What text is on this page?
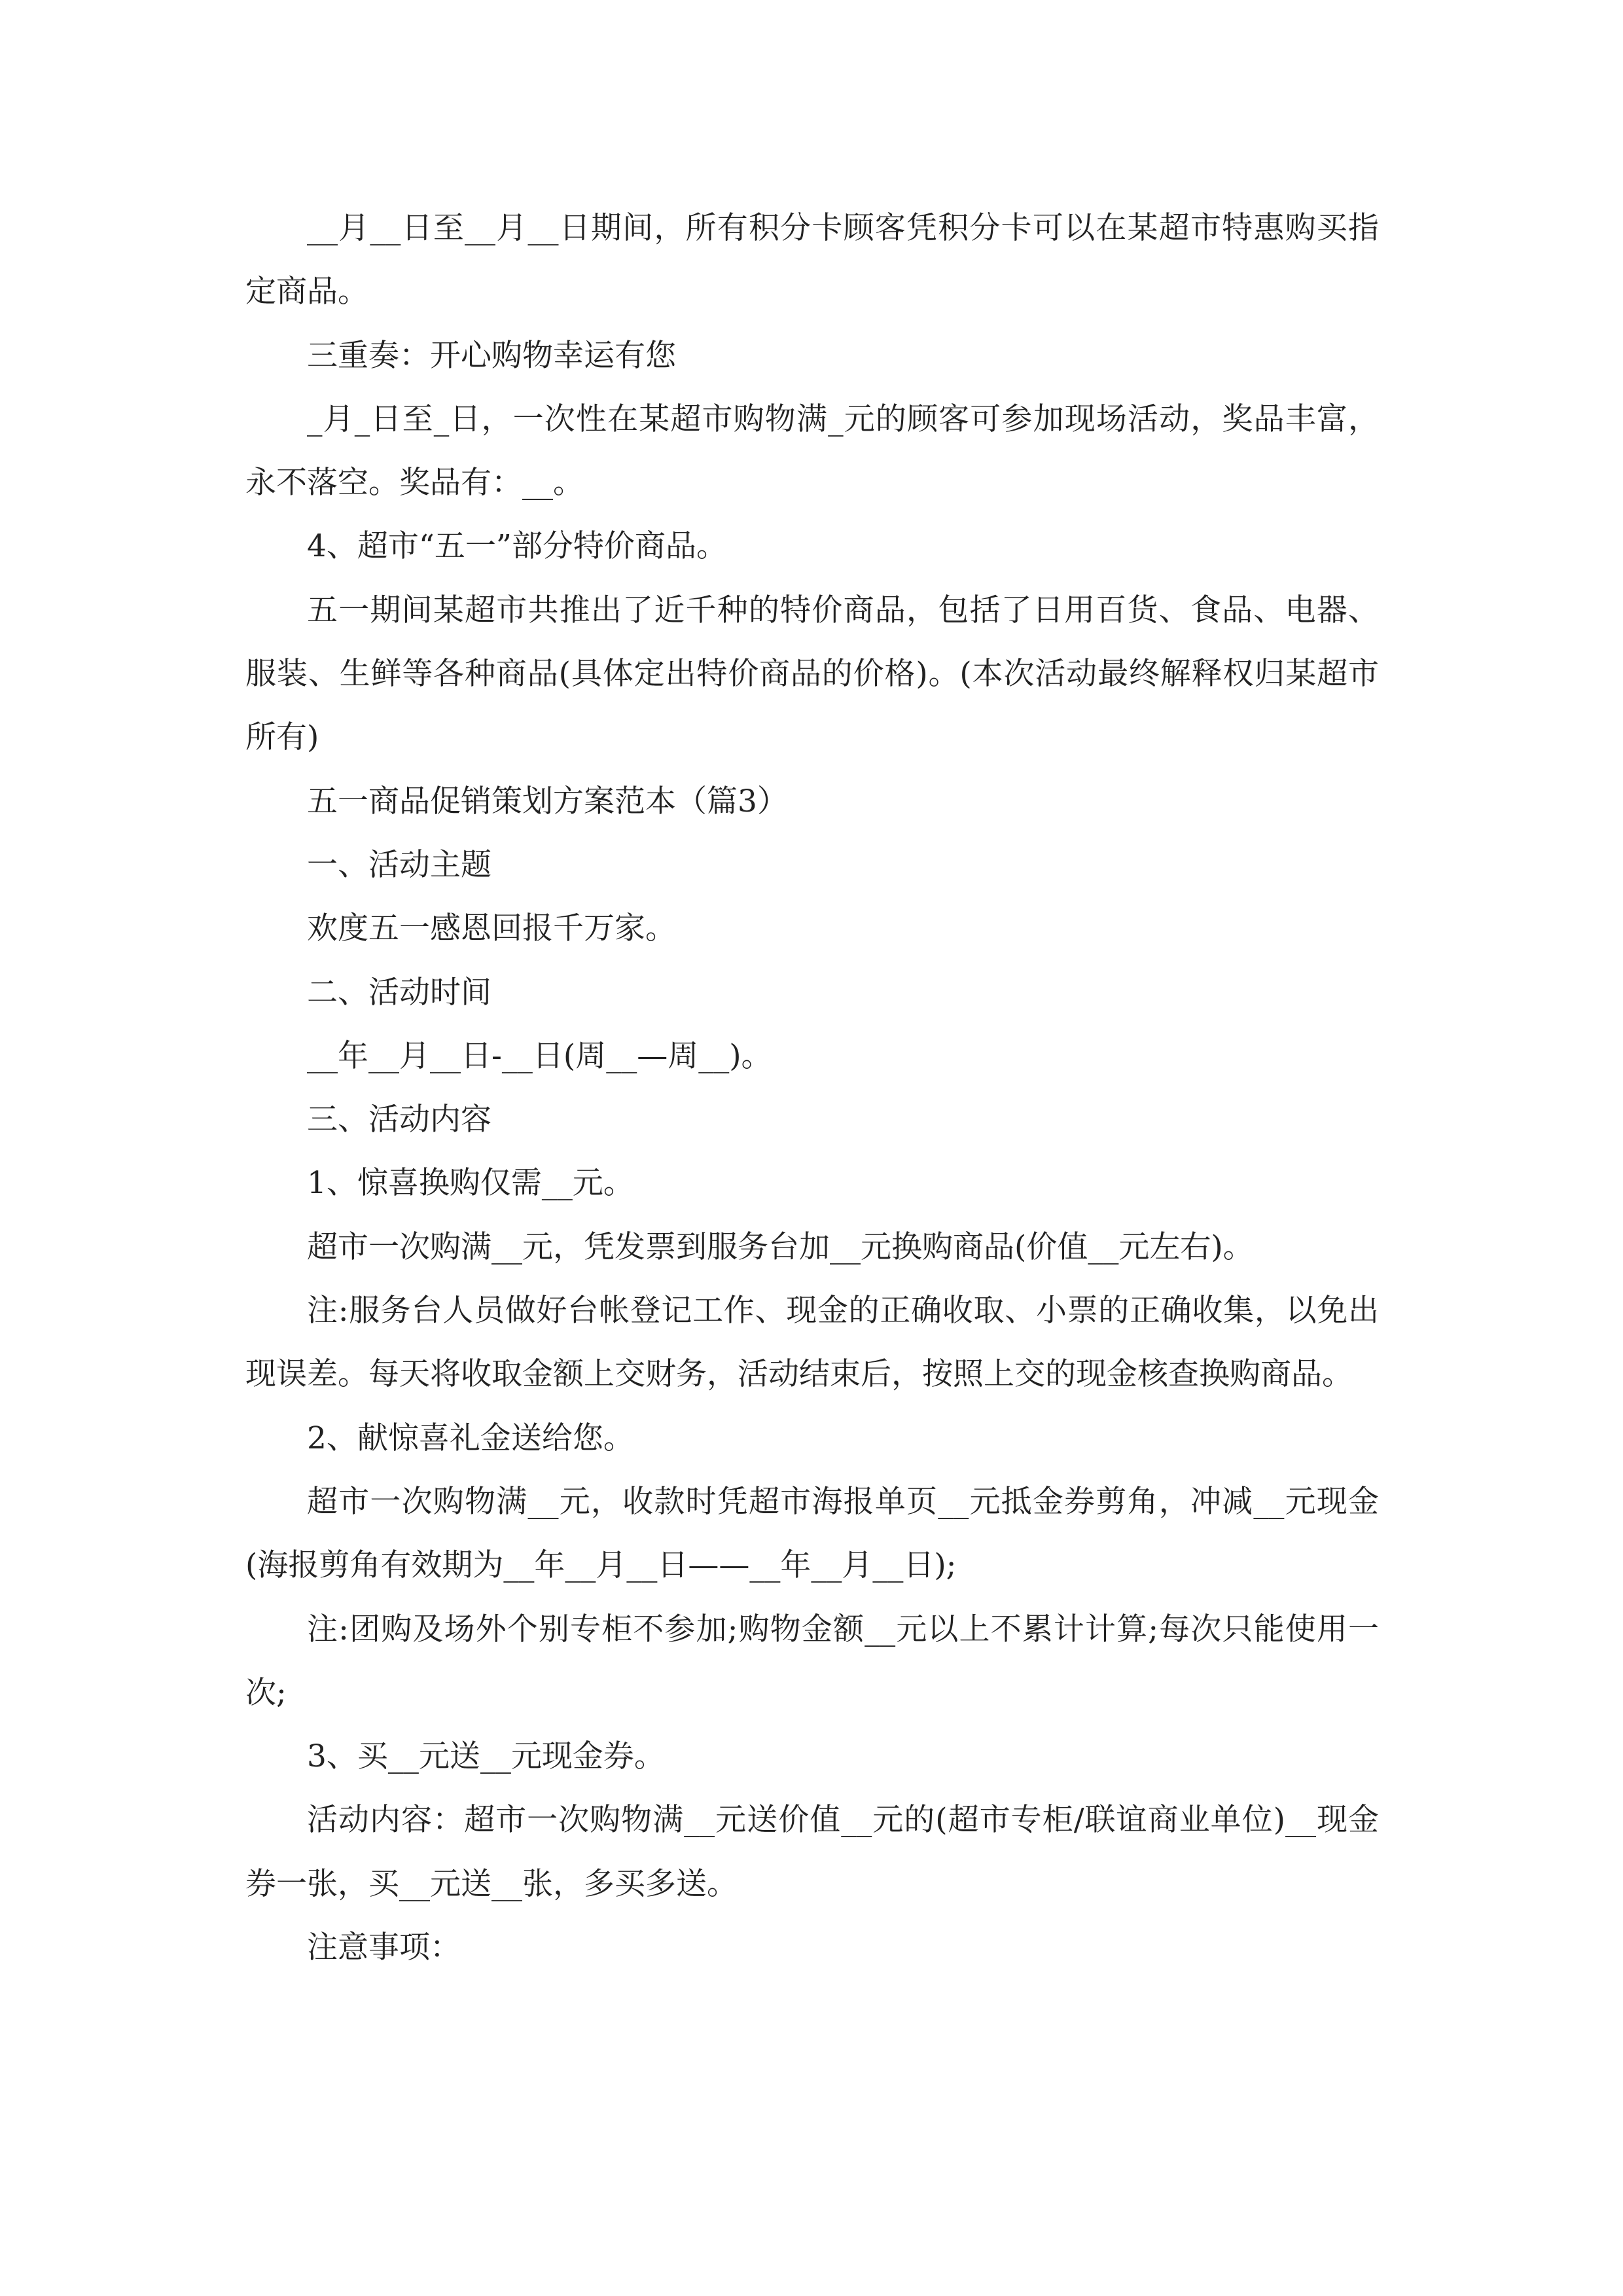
__月__日至__月__日期间，所有积分卡顾客凭积分卡可以在某超市特惠购买指定商品。

三重奏：开心购物幸运有您

_月_日至_日，一次性在某超市购物满_元的顾客可参加现场活动，奖品丰富，永不落空。奖品有：__。

4、超市“五一”部分特价商品。

五一期间某超市共推出了近千种的特价商品，包括了日用百货、食品、电器、服装、生鲜等各种商品(具体定出特价商品的价格)。(本次活动最终解释权归某超市所有)

五一商品促销策划方案范本（篇3）

一、活动主题

欢度五一感恩回报千万家。

二、活动时间

__年__月__日-__日(周__—周__)。

三、活动内容

1、惊喜换购仅需__元。

超市一次购满__元，凭发票到服务台加__元换购商品(价值__元左右)。

注:服务台人员做好台帐登记工作、现金的正确收取、小票的正确收集，以免出现误差。每天将收取金额上交财务，活动结束后，按照上交的现金核查换购商品。

2、献惊喜礼金送给您。

超市一次购物满__元，收款时凭超市海报单页__元抵金券剪角，冲减__元现金(海报剪角有效期为__年__月__日——__年__月__日);

注:团购及场外个别专柜不参加;购物金额__元以上不累计计算;每次只能使用一次;

3、买__元送__元现金券。

活动内容：超市一次购物满__元送价值__元的(超市专柜/联谊商业单位)__现金券一张，买__元送__张，多买多送。

注意事项：
